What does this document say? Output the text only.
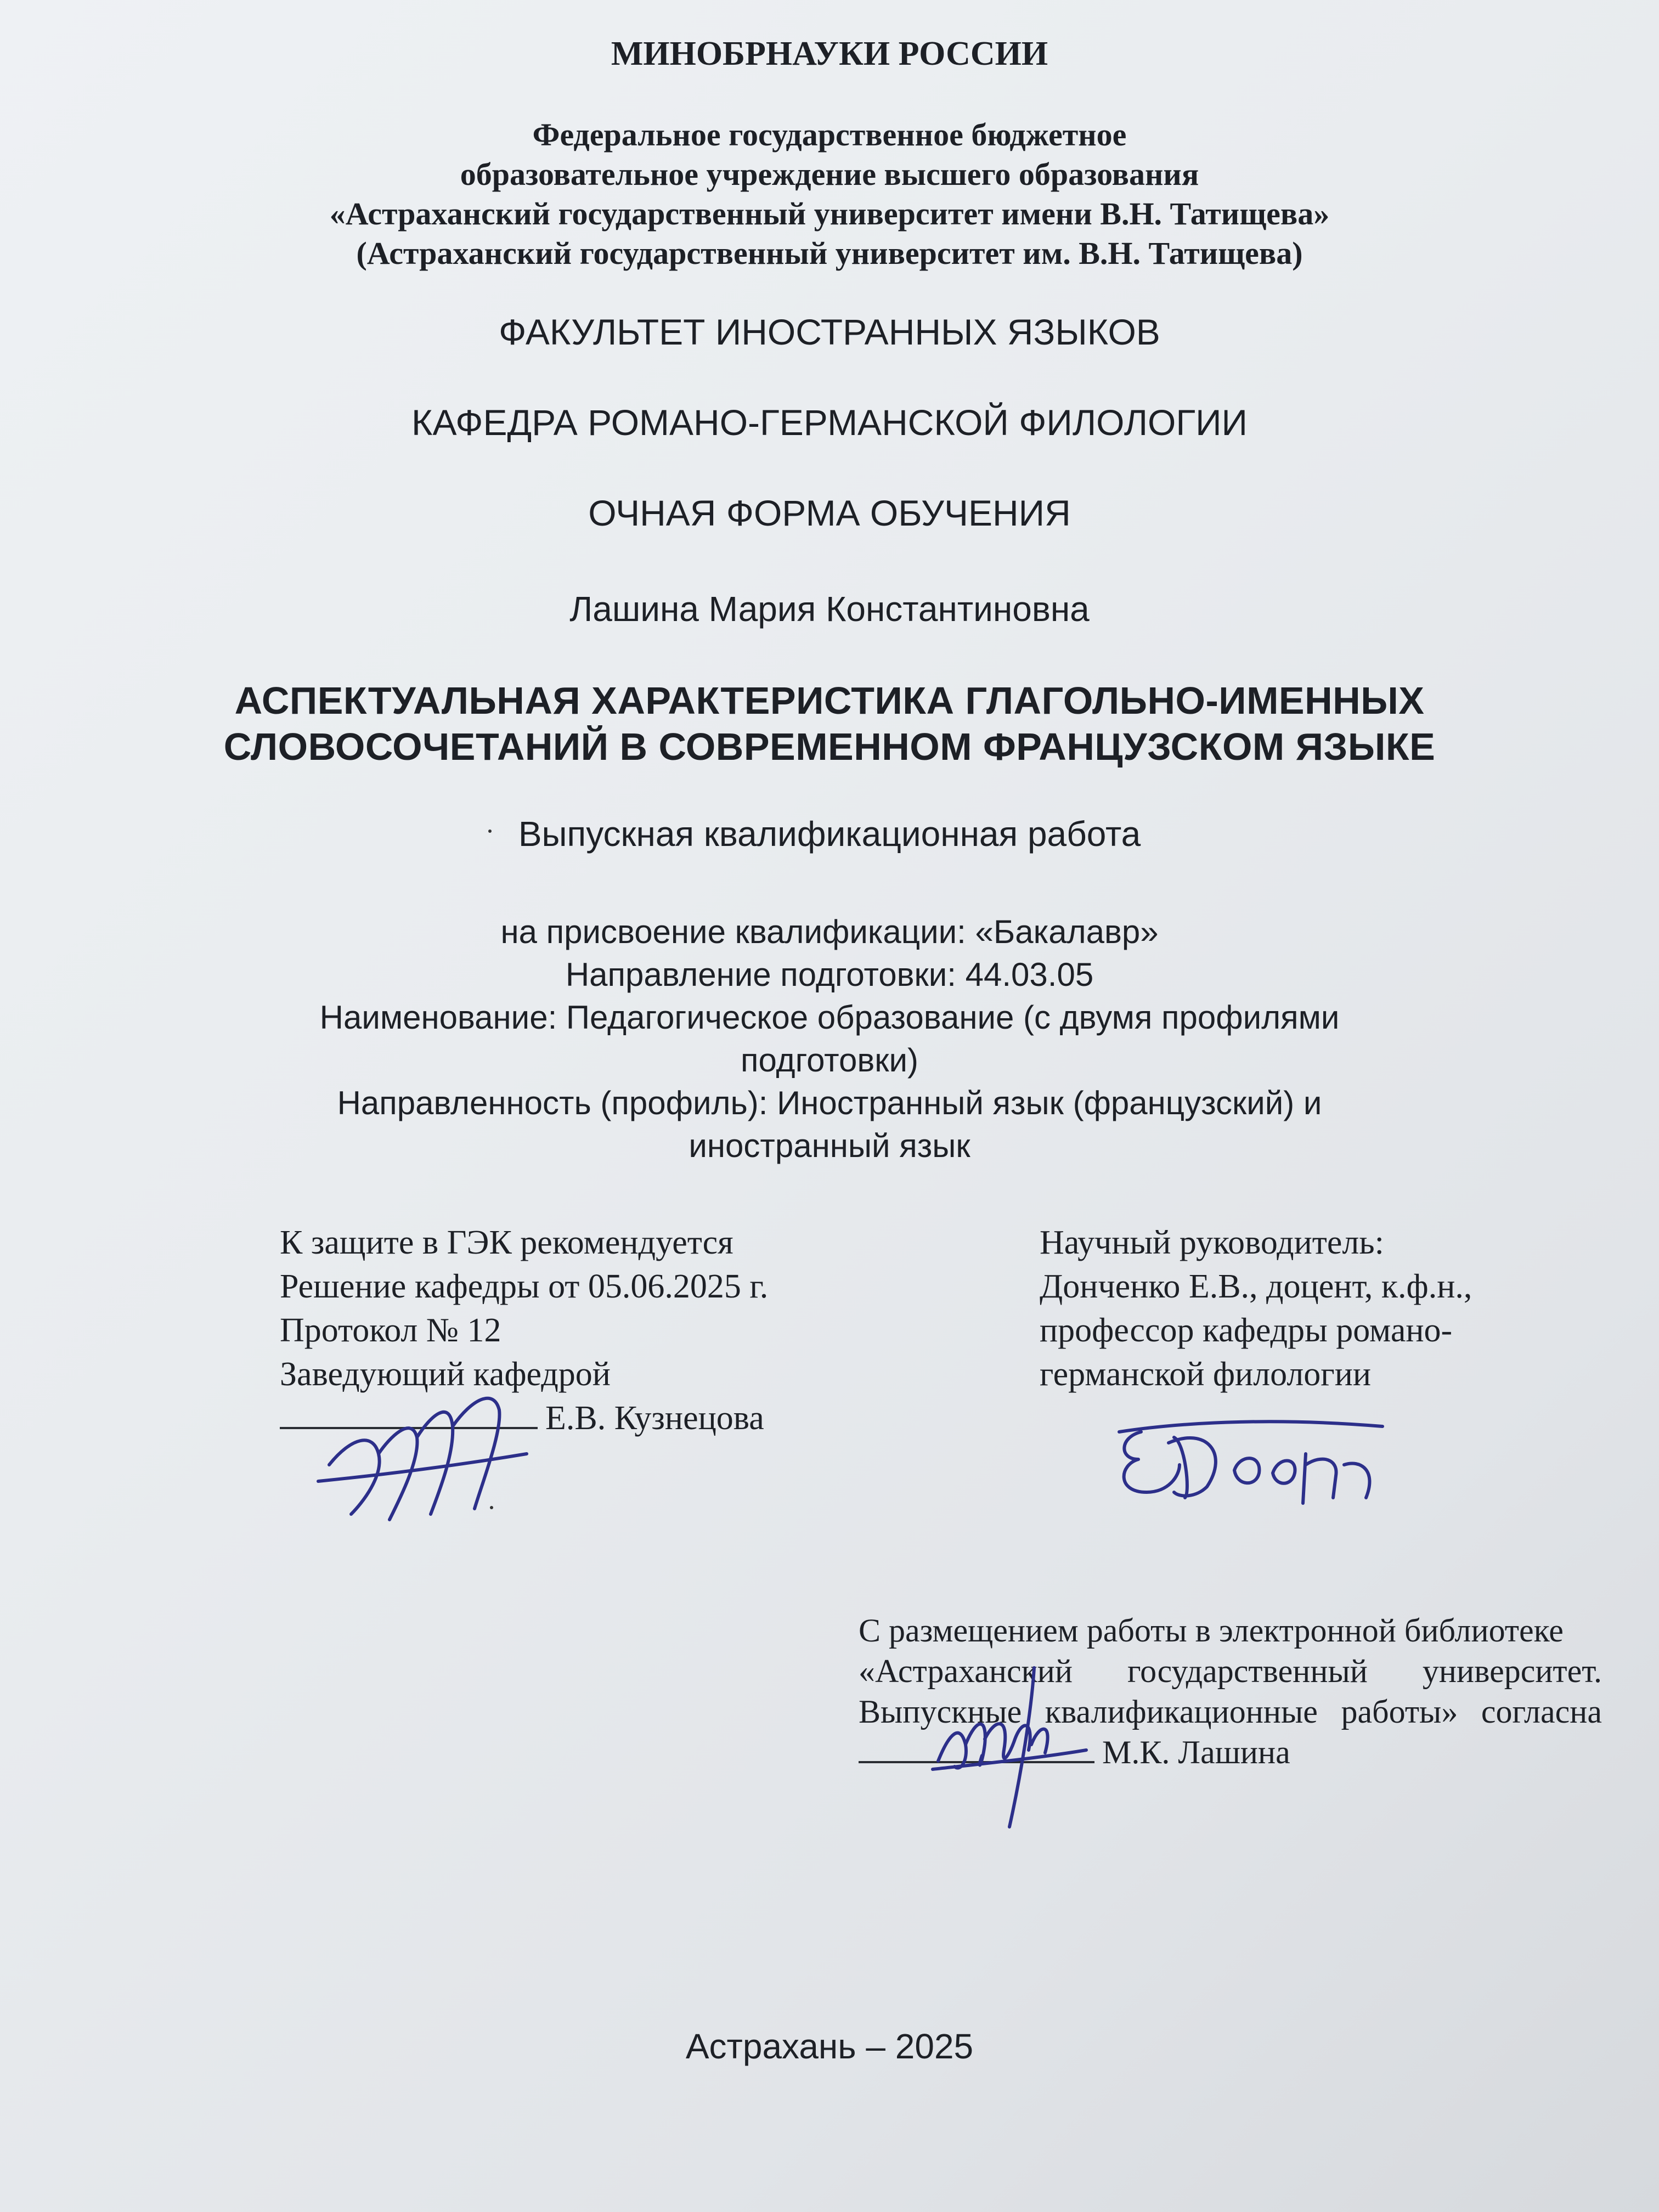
МИНОБРНАУКИ РОССИИ
Федеральное государственное бюджетное
образовательное учреждение высшего образования
«Астраханский государственный университет имени В.Н. Татищева»
(Астраханский государственный университет им. В.Н. Татищева)
ФАКУЛЬТЕТ ИНОСТРАННЫХ ЯЗЫКОВ
КАФЕДРА РОМАНО-ГЕРМАНСКОЙ ФИЛОЛОГИИ
ОЧНАЯ ФОРМА ОБУЧЕНИЯ
Лашина Мария Константиновна
АСПЕКТУАЛЬНАЯ ХАРАКТЕРИСТИКА ГЛАГОЛЬНО-ИМЕННЫХ
СЛОВОСОЧЕТАНИЙ В СОВРЕМЕННОМ ФРАНЦУЗСКОМ ЯЗЫКЕ
Выпускная квалификационная работа
на присвоение квалификации: «Бакалавр»
Направление подготовки: 44.03.05
Наименование: Педагогическое образование (с двумя профилями
подготовки)
Направленность (профиль): Иностранный язык (французский) и
иностранный язык
К защите в ГЭК рекомендуется
Решение кафедры от 05.06.2025 г.
Протокол № 12
Заведующий кафедрой
Е.В. Кузнецова
Научный руководитель:
Донченко Е.В., доцент, к.ф.н.,
профессор кафедры романо-
германской филологии
С размещением работы в электронной библиотеке
«Астраханский государственный университет.
Выпускные квалификационные работы» согласна
М.К. Лашина
Астрахань – 2025
